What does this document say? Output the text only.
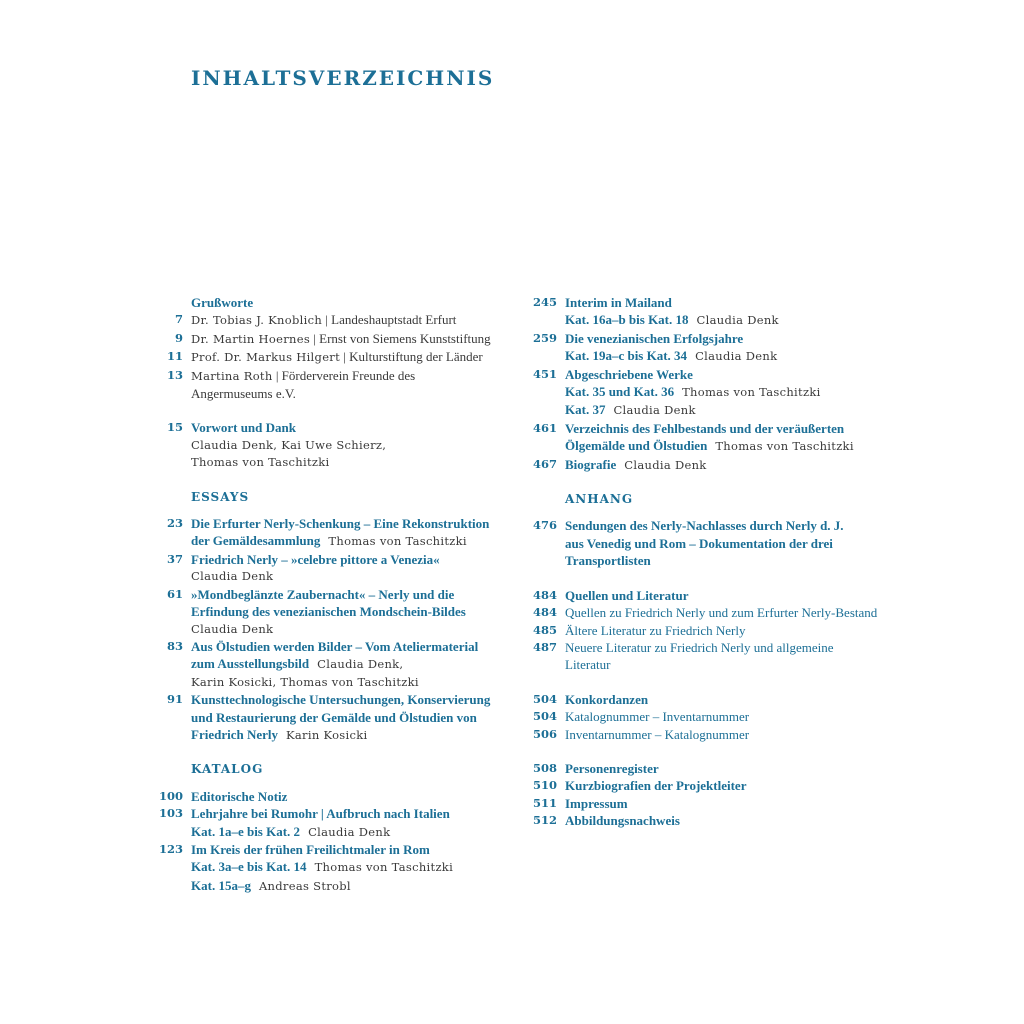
INHALTSVERZEICHNIS
Grußworte
7 Dr. Tobias J. Knoblich | Landeshauptstadt Erfurt
9 Dr. Martin Hoernes | Ernst von Siemens Kunststiftung
11 Prof. Dr. Markus Hilgert | Kulturstiftung der Länder
13 Martina Roth | Förderverein Freunde des
Angermuseums e.V.
15 Vorwort und Dank
Claudia Denk, Kai Uwe Schierz,
Thomas von Taschitzki
ESSAYS
23 Die Erfurter Nerly-Schenkung – Eine Rekonstruktion
der Gemäldesammlung Thomas von Taschitzki
37 Friedrich Nerly – »celebre pittore a Venezia«
Claudia Denk
61 »Mondbeglänzte Zaubernacht« – Nerly und die
Erfindung des venezianischen Mondschein-Bildes
Claudia Denk
83 Aus Ölstudien werden Bilder – Vom Ateliermaterial
zum Ausstellungsbild Claudia Denk,
Karin Kosicki, Thomas von Taschitzki
91 Kunsttechnologische Untersuchungen, Konservierung
und Restaurierung der Gemälde und Ölstudien von
Friedrich Nerly Karin Kosicki
KATALOG
100 Editorische Notiz
103 Lehrjahre bei Rumohr | Aufbruch nach Italien
Kat. 1a–e bis Kat. 2 Claudia Denk
123 Im Kreis der frühen Freilichtmaler in Rom
Kat. 3a–e bis Kat. 14 Thomas von Taschitzki
Kat. 15a–g Andreas Strobl
245 Interim in Mailand
Kat. 16a–b bis Kat. 18 Claudia Denk
259 Die venezianischen Erfolgsjahre
Kat. 19a–c bis Kat. 34 Claudia Denk
451 Abgeschriebene Werke
Kat. 35 und Kat. 36 Thomas von Taschitzki
Kat. 37 Claudia Denk
461 Verzeichnis des Fehlbestands und der veräußerten
Ölgemälde und Ölstudien Thomas von Taschitzki
467 Biografie Claudia Denk
ANHANG
476 Sendungen des Nerly-Nachlasses durch Nerly d. J.
aus Venedig und Rom – Dokumentation der drei
Transportlisten
484 Quellen und Literatur
484 Quellen zu Friedrich Nerly und zum Erfurter Nerly-Bestand
485 Ältere Literatur zu Friedrich Nerly
487 Neuere Literatur zu Friedrich Nerly und allgemeine
Literatur
504 Konkordanzen
504 Katalognummer – Inventarnummer
506 Inventarnummer – Katalognummer
508 Personenregister
510 Kurzbiografien der Projektleiter
511 Impressum
512 Abbildungsnachweis
